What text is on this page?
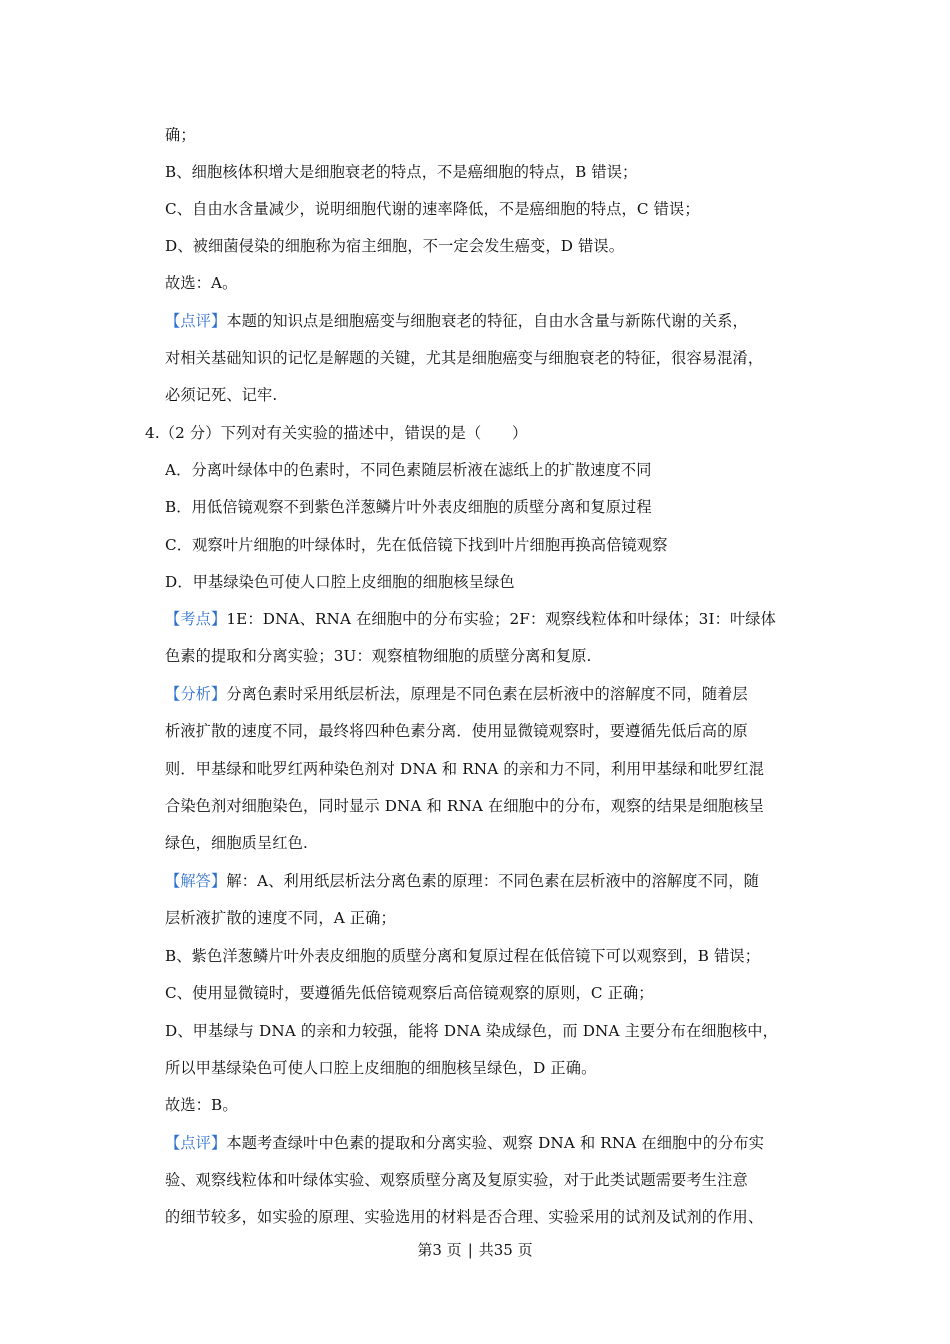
确；
B、细胞核体积增大是细胞衰老的特点，不是癌细胞的特点，B 错误；
C、自由水含量减少，说明细胞代谢的速率降低，不是癌细胞的特点，C 错误；
D、被细菌侵染的细胞称为宿主细胞，不一定会发生癌变，D 错误。
故选：A。
【点评】本题的知识点是细胞癌变与细胞衰老的特征，自由水含量与新陈代谢的关系，
对相关基础知识的记忆是解题的关键，尤其是细胞癌变与细胞衰老的特征，很容易混淆，
必须记死、记牢.
4.（2 分）下列对有关实验的描述中，错误的是（　　）
A．分离叶绿体中的色素时，不同色素随层析液在滤纸上的扩散速度不同
B．用低倍镜观察不到紫色洋葱鳞片叶外表皮细胞的质壁分离和复原过程
C．观察叶片细胞的叶绿体时，先在低倍镜下找到叶片细胞再换高倍镜观察
D．甲基绿染色可使人口腔上皮细胞的细胞核呈绿色
【考点】1E：DNA、RNA 在细胞中的分布实验；2F：观察线粒体和叶绿体；3I：叶绿体
色素的提取和分离实验；3U：观察植物细胞的质壁分离和复原.
【分析】分离色素时采用纸层析法，原理是不同色素在层析液中的溶解度不同，随着层
析液扩散的速度不同，最终将四种色素分离．使用显微镜观察时，要遵循先低后高的原
则．甲基绿和吡罗红两种染色剂对 DNA 和 RNA 的亲和力不同，利用甲基绿和吡罗红混
合染色剂对细胞染色，同时显示 DNA 和 RNA 在细胞中的分布，观察的结果是细胞核呈
绿色，细胞质呈红色.
【解答】解：A、利用纸层析法分离色素的原理：不同色素在层析液中的溶解度不同，随
层析液扩散的速度不同，A 正确；
B、紫色洋葱鳞片叶外表皮细胞的质壁分离和复原过程在低倍镜下可以观察到，B 错误；
C、使用显微镜时，要遵循先低倍镜观察后高倍镜观察的原则，C 正确；
D、甲基绿与 DNA 的亲和力较强，能将 DNA 染成绿色，而 DNA 主要分布在细胞核中，
所以甲基绿染色可使人口腔上皮细胞的细胞核呈绿色，D 正确。
故选：B。
【点评】本题考查绿叶中色素的提取和分离实验、观察 DNA 和 RNA 在细胞中的分布实
验、观察线粒体和叶绿体实验、观察质壁分离及复原实验，对于此类试题需要考生注意
的细节较多，如实验的原理、实验选用的材料是否合理、实验采用的试剂及试剂的作用、
第3 页 | 共35 页
